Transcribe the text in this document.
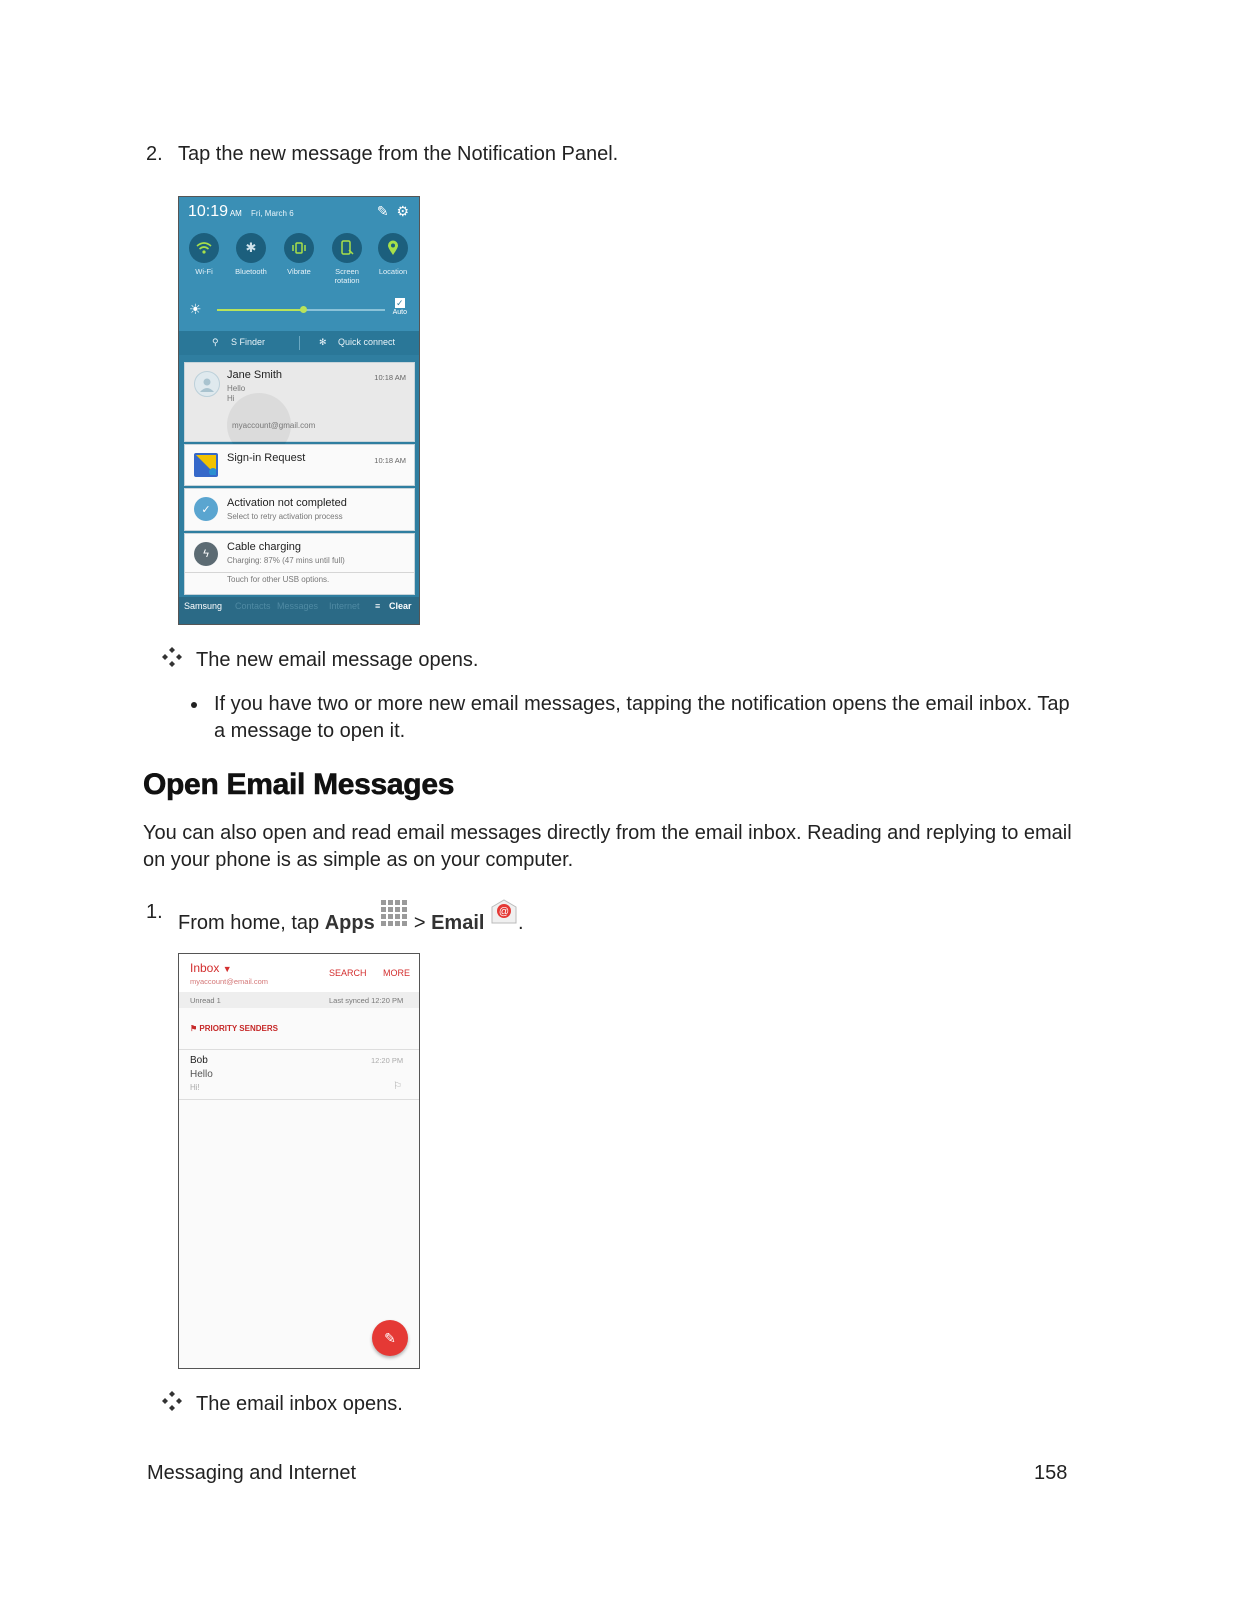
2. Tap the new message from the Notification Panel.
10:19 AM Fri, March 6	✎ ⚙
Wi-Fi
✱
Bluetooth	Vibrate	Screen rotation
Location
☀	✓
Auto
⚲ S Finder	✻ Quick connect
Jane Smith
Hello
Hi
myaccount@gmail.com
10:18 AM
Sign-in Request	10:18 AM
✓
Activation not completed
Select to retry activation process
ϟ
Cable charging
Charging: 87% (47 mins until full)
Touch for other USB options.
Samsung Contacts Messages Internet ≡ Clear
The new email message opens.
If you have two or more new email messages, tapping the notification opens the email inbox. Tap a message to open it.
Open Email Messages
You can also open and read email messages directly from the email inbox. Reading and replying to email on your phone is as simple as on your computer.
1. From home, tap Apps  > Email @ .
Inbox ▼
myaccount@email.com
SEARCH MORE
Unread 1	Last synced 12:20 PM
⚑ PRIORITY SENDERS
Bob
Hello
Hi!
12:20 PM
⚐
✎
The email inbox opens.
Messaging and Internet	158
